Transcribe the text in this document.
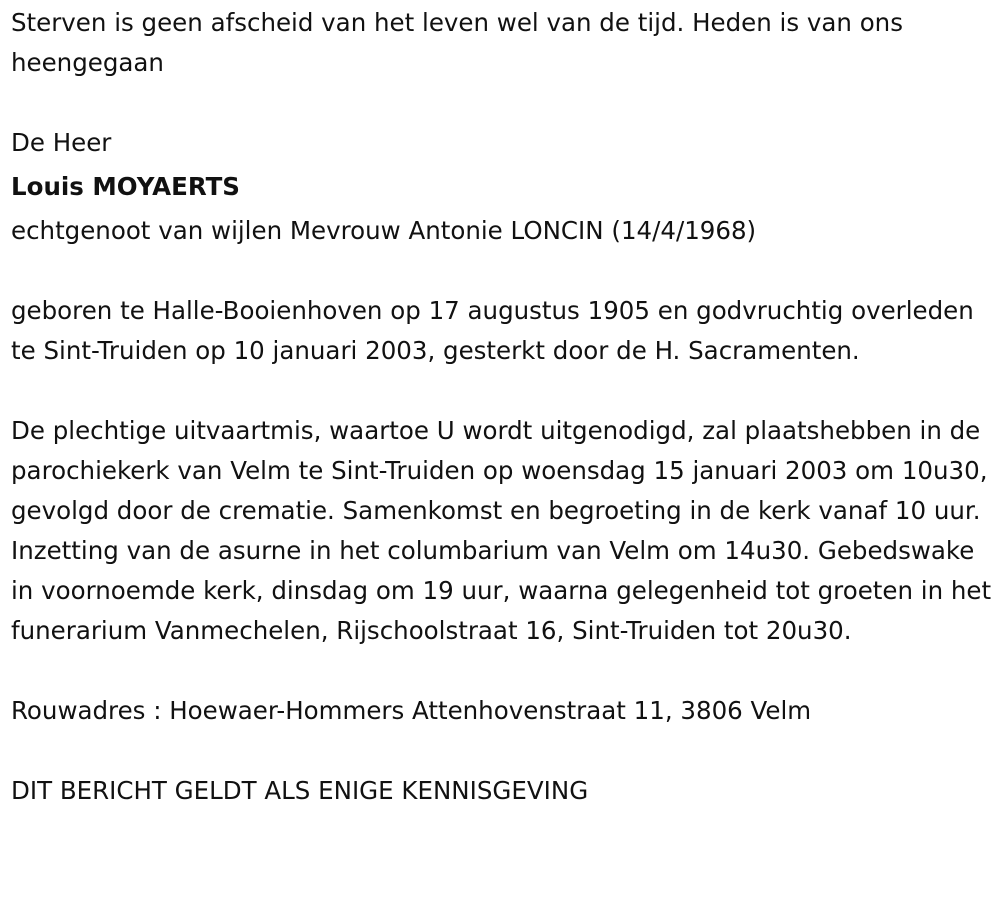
Sterven is geen afscheid van het leven wel van de tijd. Heden is van ons heengegaan

De Heer

Louis MOYAERTS

echtgenoot van wijlen Mevrouw Antonie LONCIN (14/4/1968)

geboren te Halle-Booienhoven op 17 augustus 1905 en godvruchtig overleden te Sint-Truiden op 10 januari 2003, gesterkt door de H. Sacramenten.

De plechtige uitvaartmis, waartoe U wordt uitgenodigd, zal plaatshebben in de parochiekerk van Velm te Sint-Truiden op woensdag 15 januari 2003 om 10u30, gevolgd door de crematie. Samenkomst en begroeting in de kerk vanaf 10 uur. Inzetting van de asurne in het columbarium van Velm om 14u30. Gebedswake in voornoemde kerk, dinsdag om 19 uur, waarna gelegenheid tot groeten in het funerarium Vanmechelen, Rijschoolstraat 16, Sint-Truiden tot 20u30.

Rouwadres : Hoewaer-Hommers Attenhovenstraat 11, 3806 Velm

DIT BERICHT GELDT ALS ENIGE KENNISGEVING
